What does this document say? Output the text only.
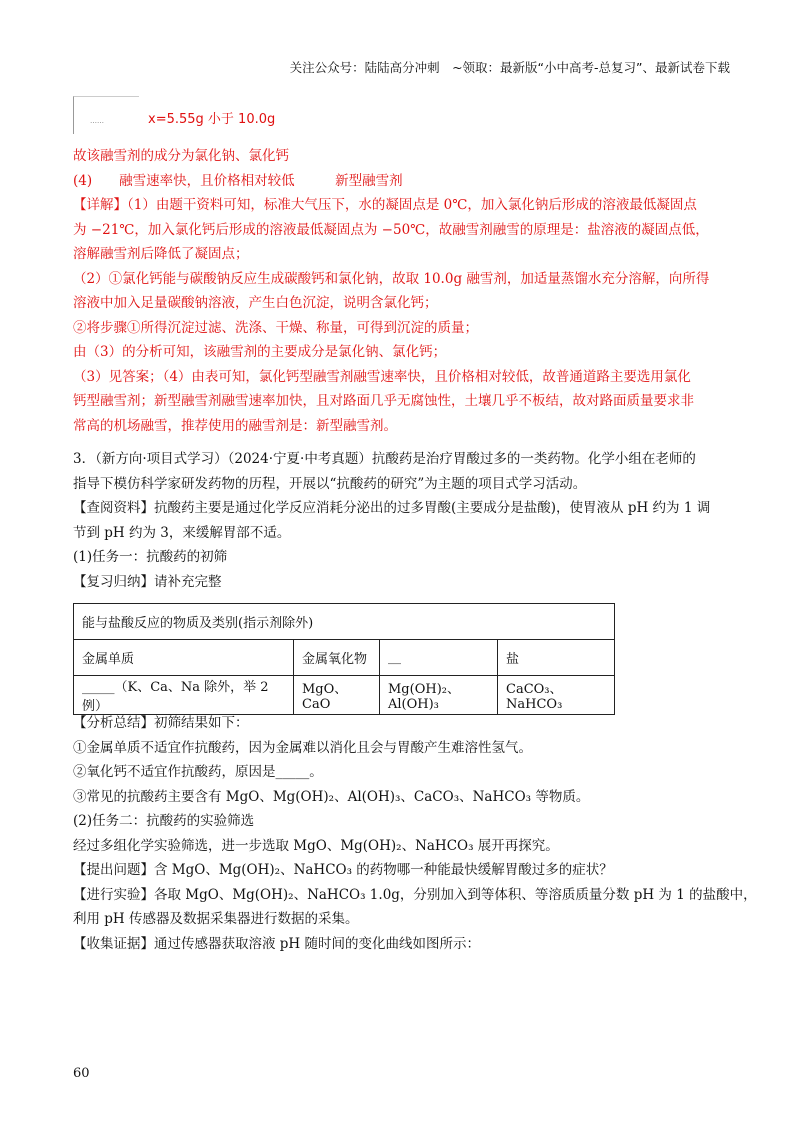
关注公众号：陆陆高分冲刺　~领取：最新版“小中高考-总复习”、最新试卷下载
……	x=5.55g 小于 10.0g
故该融雪剂的成分为氯化钠、氯化钙
(4)　　融雪速率快，且价格相对较低　　　新型融雪剂
【详解】（1）由题干资料可知，标准大气压下，水的凝固点是 0℃，加入氯化钠后形成的溶液最低凝固点
为 −21℃，加入氯化钙后形成的溶液最低凝固点为 −50℃，故融雪剂融雪的原理是：盐溶液的凝固点低，
溶解融雪剂后降低了凝固点；
（2）①氯化钙能与碳酸钠反应生成碳酸钙和氯化钠，故取 10.0g 融雪剂，加适量蒸馏水充分溶解，向所得
溶液中加入足量碳酸钠溶液，产生白色沉淀，说明含氯化钙；
②将步骤①所得沉淀过滤、洗涤、干燥、称量，可得到沉淀的质量；
由（3）的分析可知，该融雪剂的主要成分是氯化钠、氯化钙；
（3）见答案；（4）由表可知，氯化钙型融雪剂融雪速率快，且价格相对较低，故普通道路主要选用氯化
钙型融雪剂；新型融雪剂融雪速率加快，且对路面几乎无腐蚀性，土壤几乎不板结，故对路面质量要求非
常高的机场融雪，推荐使用的融雪剂是：新型融雪剂。
3．（新方向·项目式学习）（2024·宁夏·中考真题）抗酸药是治疗胃酸过多的一类药物。化学小组在老师的
指导下模仿科学家研发药物的历程，开展以“抗酸药的研究”为主题的项目式学习活动。
【查阅资料】抗酸药主要是通过化学反应消耗分泌出的过多胃酸(主要成分是盐酸)，使胃液从 pH 约为 1 调
节到 pH 约为 3，来缓解胃部不适。
(1)任务一：抗酸药的初筛
【复习归纳】请补充完整
能与盐酸反应的物质及类别(指示剂除外)			
金属单质	金属氧化物	__	盐
_____（K、Ca、Na 除外，举 2 例）	MgO、CaO	Mg(OH)₂、Al(OH)₃	CaCO₃、NaHCO₃
【分析总结】初筛结果如下：
①金属单质不适宜作抗酸药，因为金属难以消化且会与胃酸产生难溶性氢气。
②氧化钙不适宜作抗酸药，原因是_____。
③常见的抗酸药主要含有 MgO、Mg(OH)₂、Al(OH)₃、CaCO₃、NaHCO₃ 等物质。
(2)任务二：抗酸药的实验筛选
经过多组化学实验筛选，进一步选取 MgO、Mg(OH)₂、NaHCO₃ 展开再探究。
【提出问题】含 MgO、Mg(OH)₂、NaHCO₃ 的药物哪一种能最快缓解胃酸过多的症状？
【进行实验】各取 MgO、Mg(OH)₂、NaHCO₃ 1.0g，分别加入到等体积、等溶质质量分数 pH 为 1 的盐酸中，
利用 pH 传感器及数据采集器进行数据的采集。
【收集证据】通过传感器获取溶液 pH 随时间的变化曲线如图所示：
60
